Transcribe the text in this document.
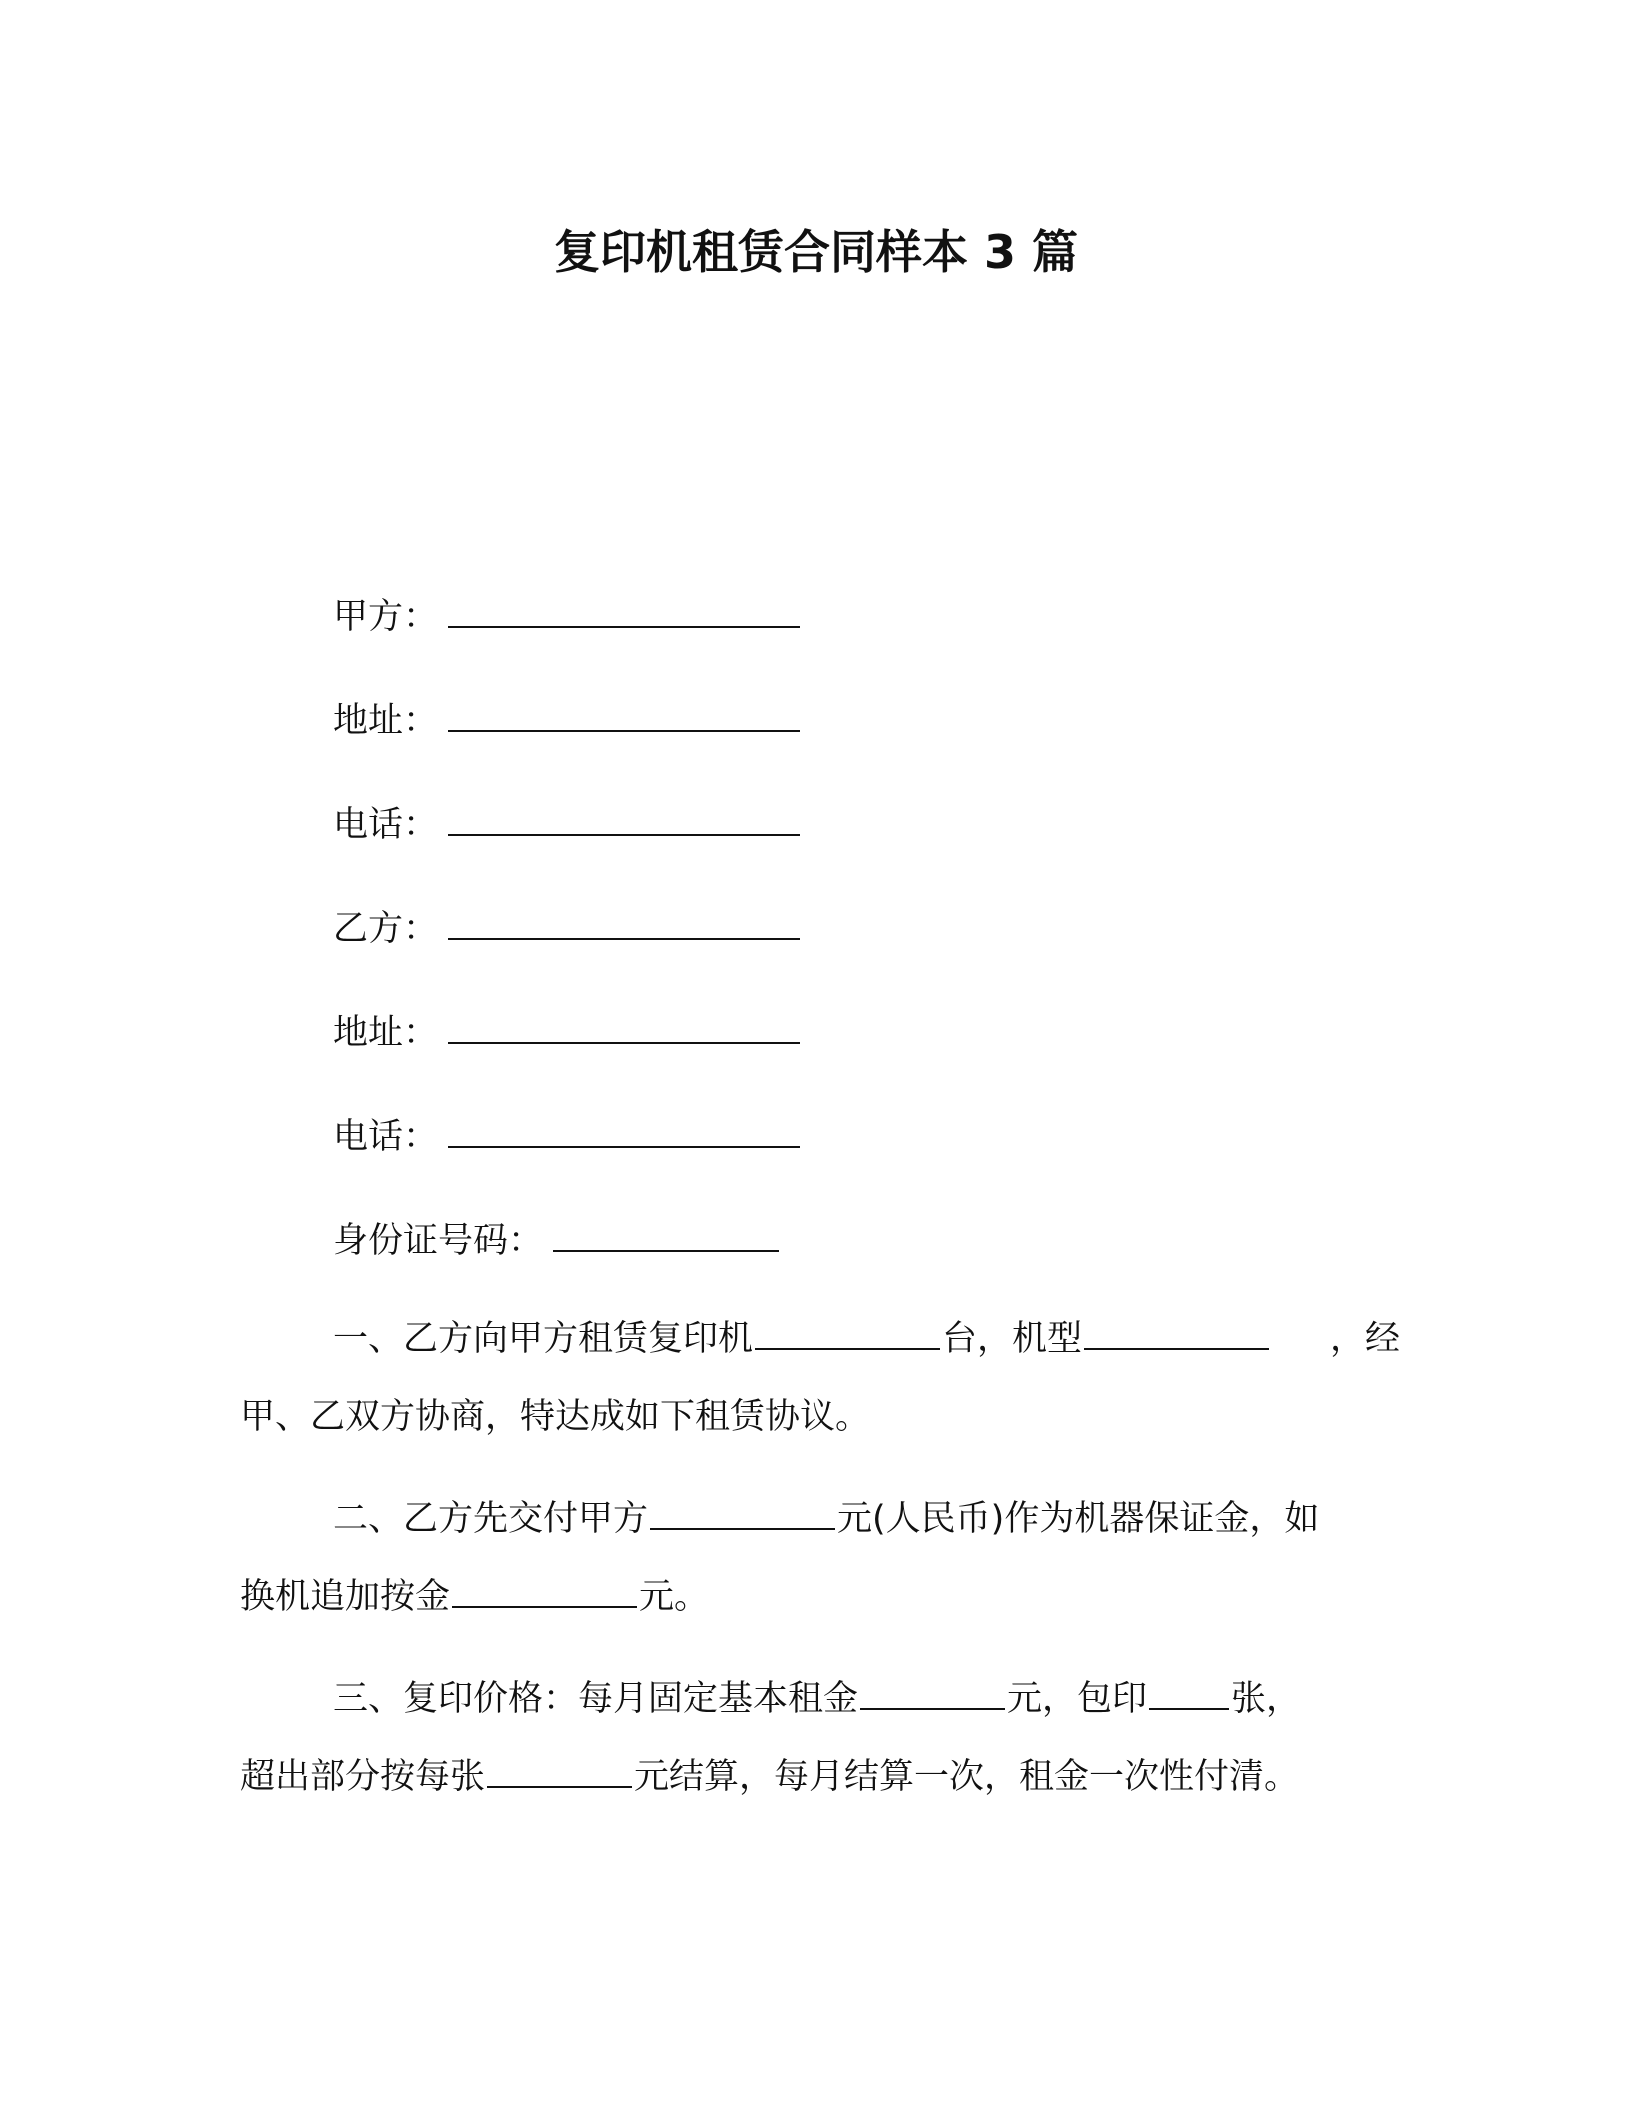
复印机租赁合同样本 3 篇
甲方：
地址：
电话：
乙方：
地址：
电话：
身份证号码：
一、乙方向甲方租赁复印机	台，机型	，经
甲、乙双方协商，特达成如下租赁协议。
二、乙方先交付甲方	元(人民币)作为机器保证金，如
换机追加按金	元。
三、复印价格：每月固定基本租金	元，包印 张，
超出部分按每张	元结算，每月结算一次，租金一次性付清。
